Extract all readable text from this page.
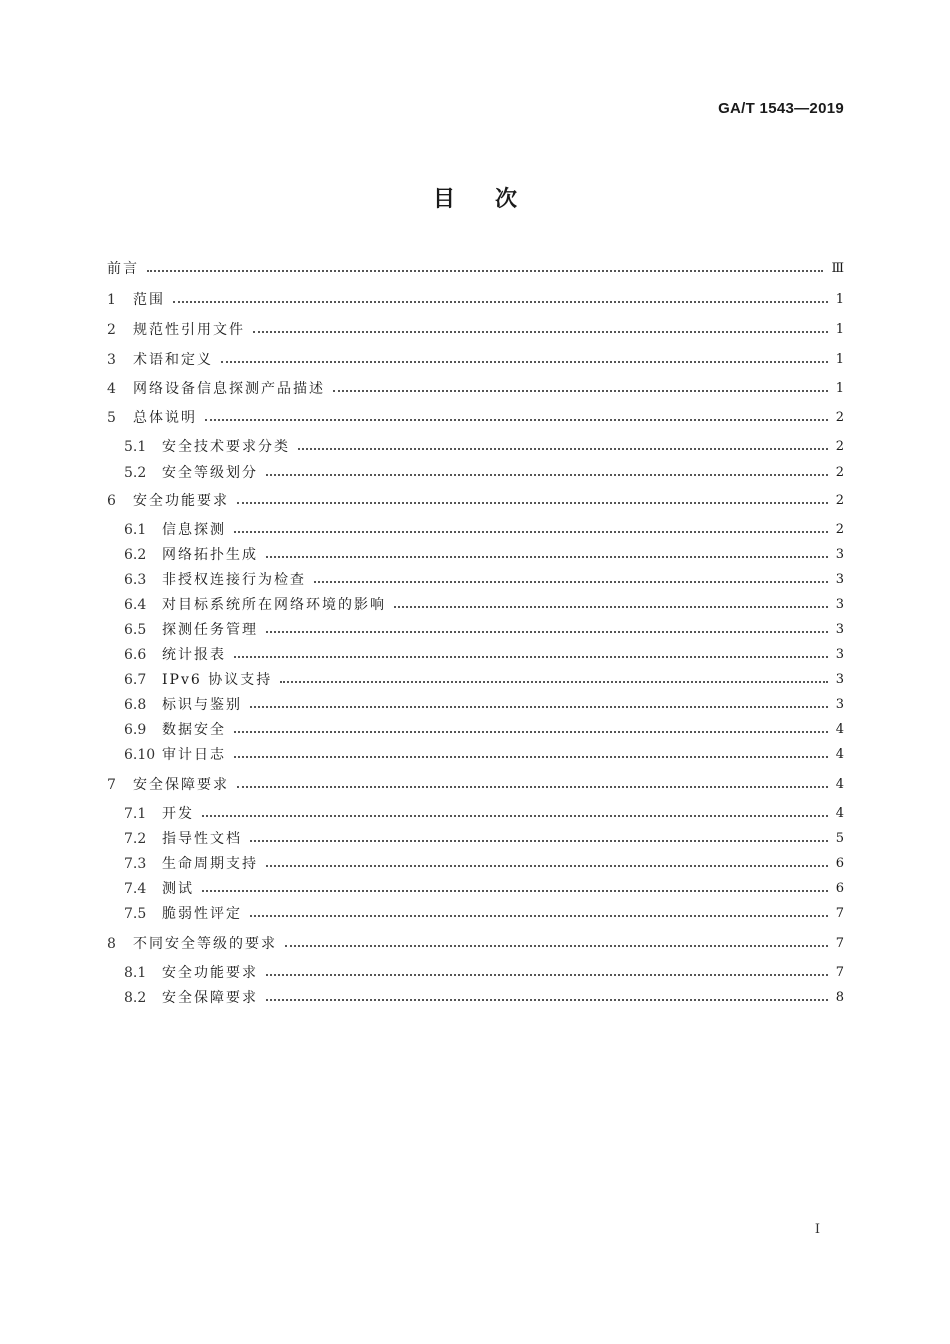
GA/T 1543—2019
目次
前言	Ⅲ
1	范围	1
2	规范性引用文件	1
3	术语和定义	1
4	网络设备信息探测产品描述	1
5	总体说明	2
5.1	安全技术要求分类	2
5.2	安全等级划分	2
6	安全功能要求	2
6.1	信息探测	2
6.2	网络拓扑生成	3
6.3	非授权连接行为检查	3
6.4	对目标系统所在网络环境的影响	3
6.5	探测任务管理	3
6.6	统计报表	3
6.7	IPv6 协议支持	3
6.8	标识与鉴别	3
6.9	数据安全	4
6.10 审计日志	4
7	安全保障要求	4
7.1	开发	4
7.2	指导性文档	5
7.3	生命周期支持	6
7.4	测试	6
7.5	脆弱性评定	7
8	不同安全等级的要求	7
8.1	安全功能要求	7
8.2	安全保障要求	8
I
